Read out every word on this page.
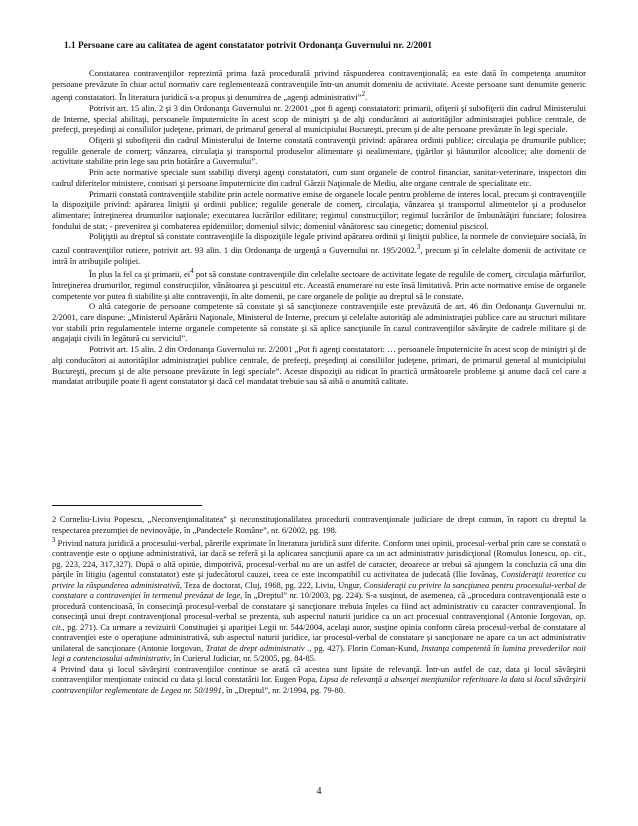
1.1 Persoane care au calitatea de agent constatator potrivit Ordonanţa Guvernului nr. 2/2001

Constatarea contravenţiilor reprezintă prima fază procedurală privind răspunderea contravenţională; ea este dată în competenţa anumitor persoane prevăzute în chiar actul normativ care reglementează contravenţiile într-un anumit domeniu de activitate. Aceste persoane sunt denumite generic agenţi constatatori. În literatura juridică s-a propus şi denumirea de „agenţi administrativi”$^2$.

Potrivit art. 15 alin. 2 şi 3 din Ordonanţa Guvernului nr. 2/2001 „pot fi agenţi constatatori: primarii, ofiţerii şi subofiţerii din cadrul Ministerului de Interne, special abilitaţi, persoanele împuternicite în acest scop de miniştri şi de alţi conducători ai autorităţilor administraţiei publice centrale, de prefecţi, preşedinţi ai consiliilor judeţene, primari, de primarul general al municipiului Bucureşti, precum şi de alte persoane prevăzute în legi speciale.

Ofiţerii şi subofiţerii din cadrul Ministerului de Interne constată contravenţii privind: apărarea ordinii publice; circulaţia pe drumurile publice; regulile generale de comerţ; vânzarea, circulaţia şi transportul produselor alimentare şi nealimentare, ţigărilor şi băuturilor alcoolice; alte domenii de activitate stabilite prin lege sau prin hotărâre a Guvernului”.

Prin acte normative speciale sunt stabiliţi diverşi agenţi constatatori, cum sunt organele de control financiar, sanitar-veterinare, inspectori din cadrul diferitelor ministere, comisari şi persoane împuternicite din cadrul Gărzii Naţionale de Mediu, alte organe centrale de specialitate etc.

Primarii constată contravenţiile stabilite prin actele normative emise de organele locale pentru probleme de interes local, precum şi contravenţiile la dispoziţiile privind: apărarea liniştii şi ordinii publice; regulile generale de comerţ, circulaţia, vânzarea şi transportul alimentelor şi a produselor alimentare; întreţinerea drumurilor naţionale; executarea lucrărilor edilitare; regimul construcţiilor; regimul lucrărilor de îmbunătăţiri funciare; folosirea fondului de stat; - prevenirea şi combaterea epidemiilor; domeniul silvic; domeniul vânătoresc sau cinegetic; domeniul piscicol.

Poliţiştii au dreptul să constate contravenţiile la dispoziţiile legale privind apărarea ordinii şi liniştii publice, la normele de convieţuire socială, în cazul contravenţiilor rutiere, potrivit art. 93 alin. 1 din Ordonanţa de urgenţă a Guvernului nr. 195/2002.$^3$, precum şi în celelalte domenii de activitate ce intră în atribuţiile poliţiei.

În plus la fel ca şi primarii, $ei^4$ pot să constate contravenţiile din celelalte sectoare de activitate legate de regulile de comerţ, circulaţia mărfurilor, întreţinerea drumurilor, regimul construcţiilor, vânătoarea şi pescuitul etc. Această enumerare nu este însă limitativă. Prin acte normative emise de organele competente vor putea fi stabilite şi alte contravenţii, în alte domenii, pe care organele de poliţie au dreptul să le constate.

O altă categorie de persoane competente să constate şi să sancţioneze contravenţiile este prevăzută de art. 46 din Ordonanţa Guvernului nr. 2/2001, care dispune: „Ministerul Apărării Naţionale, Ministerul de Interne, precum şi celelalte autorităţi ale administraţiei publice care au structuri militare vor stabili prin regulamentele interne organele competente să constate şi să aplice sancţiunile în cazul contravenţiilor săvârşite de cadrele militare şi de angajaţii civili în legătură cu serviciul”.

Potrivit art. 15 alin. 2 din Ordonanţa Guvernului nr. 2/2001 „Pot fi agenţi constatatori: … persoanele împuternicite în acest scop de miniştri şi de alţi conducători ai autorităţilor administraţiei publice centrale, de prefecţi, preşedinţi ai consiliilor judeţene, primari, de primarul general al municipiului Bucureşti, precum şi de alte persoane prevăzute în legi speciale”. Aceste dispoziţii au ridicat în practică următoarele probleme şi anume dacă cel care a mandatat atribuţiile poate fi agent constatator şi dacă cel mandatat trebuie sau să aibă o anumită calitate.

2 Corneliu-Liviu Popescu, „Neconvenţionalitatea” şi neconstituţionalilatea procedurii contravenţionale judiciare de drept comun, în raport cu dreptul la respectarea prezumţiei de nevinovăţie, în „Pandectele Române”, nr. 6/2002, pg. 198.

$^3$ Privind natura juridică a procesului-verbal, părerile exprimate în literatura juridică sunt diferite. Conform unei opinii, procesul-verbal prin care se constată o contravenţie este o opţiune administrativă, iar dacă se referă şi la aplicarea sancţiunii apare ca un act administrativ jurisdicţional (Romulus Ionescu, op. cit., pg. 223, 224, 317,327). După o altă opinie, dimpotrivă, procesul-verbal nu are un astfel de caracter, deoarece ar trebui să ajungem la concluzia că una din părţile în litigiu (agentul constatator) este şi judecătorul cauzei, ceea ce este incompatibil cu activitatea de judecată (Ilie Iovănaş, Consideraţii teoretice cu privire la răspunderea administrativă, Teza de doctorat, Cluj, 1968, pg. 222, Liviu, Ungur, Consideraţii cu privire la sancţiunea pentru procesului-verbal de constatare a contravenţiei în termenul prevăzut de lege, în „Dreptul” nr. 10/2003, pg. 224). S-a susţinut, de asemenea, că „procedura contravenţională este o procedură contencioasă, în consecinţă procesul-verbal de constatare şi sancţionare trebuia înţeles ca fiind act administrativ cu caracter contravenţional. În consecinţă unui drept contravenţional procesul-verbal se prezenta, sub aspectul naturii juridice ca un act procesual contravenţional (Antonie Iorgovan, op. cit., pg. 271). Ca urmare a revizuirii Constituţiei şi apariţiei Legii nr. 544/2004, acelaşi autor, susţine opinia conform căreia procesul-verbal de constatare al contravenţiei este o operaţiune administrativă, sub aspectul naturii juridice, iar procesul-verbal de constatare şi sancţionare ne apare ca un act administrativ unilateral de sancţionare (Antonie Iorgovan, Tratat de drept administrativ ., pg. 427). Florin Coman-Kund, Instanţa competentă în lumina prevederilor noii legi a contenciosului administrativ, în Curierul Judiciar, nr. 5/2005, pg. 84-85.

4 Privind data şi locul săvârşirii contravenţiilor continuе se arată că acestea sunt lipsite de relevanţă. Într-un astfel de caz, data şi locul săvârşirii contravenţiilor menţionate coincid cu data şi locul constatării lor. Eugen Popa, Lipsa de relevanţă a absenţei menţiunilor referitoare la data si locul săvârşirii contravenţiilor reglementate de Legea nr. 50/1991, în „Dreptul”, nr. 2/1994, pg. 79-80.

4
